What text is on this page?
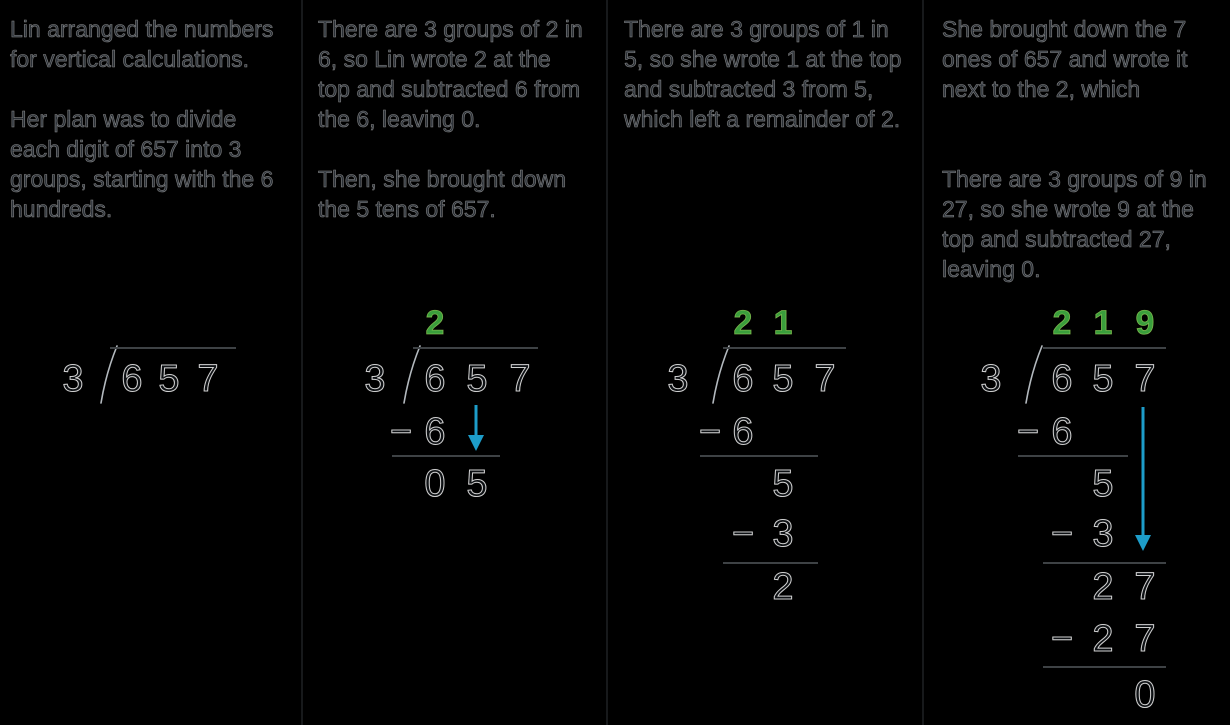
Lin arranged the numbers
for vertical calculations.
Her plan was to divide
each digit of 657 into 3
groups, starting with the 6
hundreds.
3 6 5 7
There are 3 groups of 2 in
6, so Lin wrote 2 at the
top and subtracted 6 from
the 6, leaving 0.
Then, she brought down
the 5 tens of 657.
2
3 6 5 7
− 6
0 5
There are 3 groups of 1 in
5, so she wrote 1 at the top
and subtracted 3 from 5,
which left a remainder of 2.
2 1
3 6 5 7
− 6
5
− 3
2
She brought down the 7
ones of 657 and wrote it
next to the 2, which
There are 3 groups of 9 in
27, so she wrote 9 at the
top and subtracted 27,
leaving 0.
2 1 9
3 6 5 7
− 6
5
− 3
2 7
− 2 7
0
